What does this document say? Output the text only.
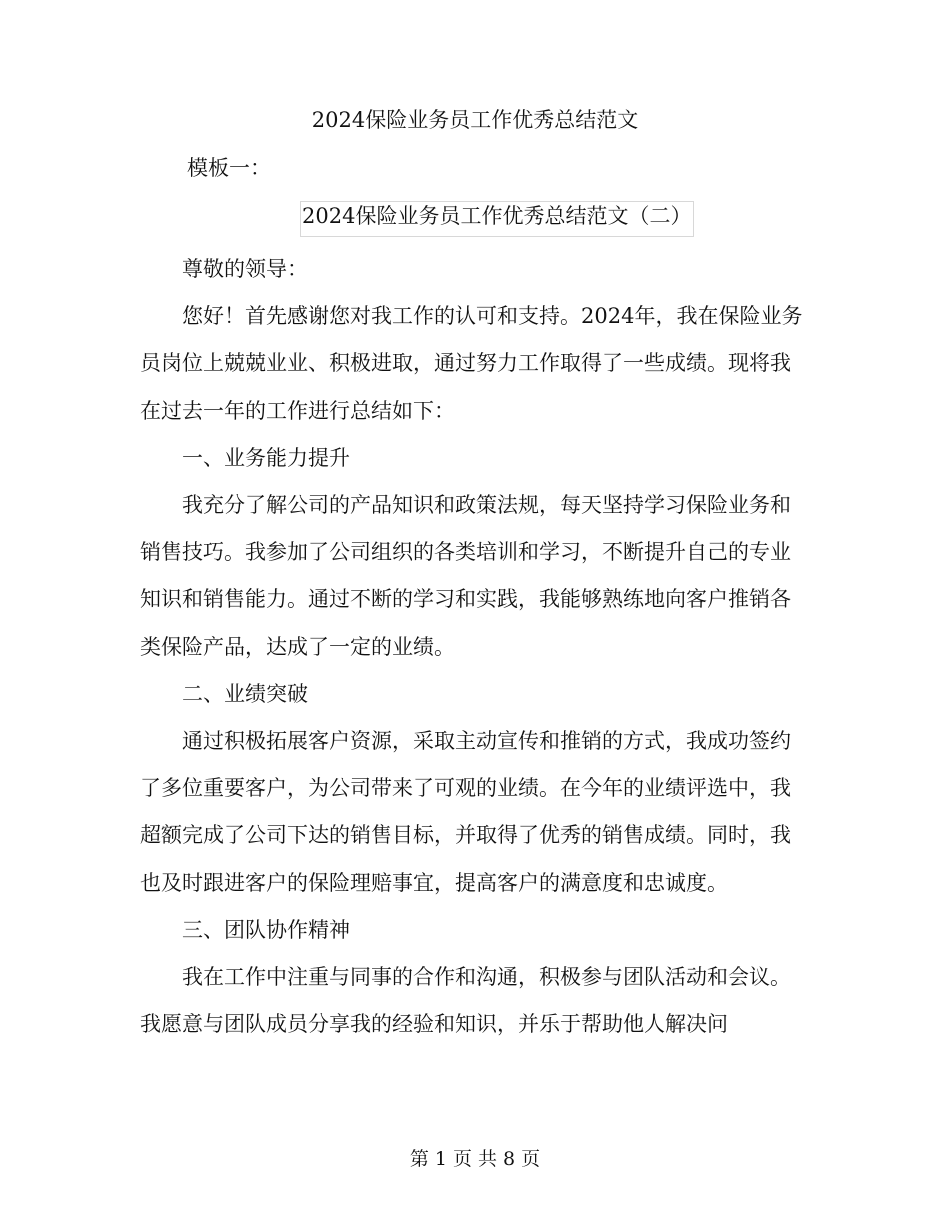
2024保险业务员工作优秀总结范文
模板一：
2024保险业务员工作优秀总结范文（二）

尊敬的领导：

您好！首先感谢您对我工作的认可和支持。2024年，我在保险业务员岗位上兢兢业业、积极进取，通过努力工作取得了一些成绩。现将我在过去一年的工作进行总结如下：

一、业务能力提升

我充分了解公司的产品知识和政策法规，每天坚持学习保险业务和销售技巧。我参加了公司组织的各类培训和学习，不断提升自己的专业知识和销售能力。通过不断的学习和实践，我能够熟练地向客户推销各类保险产品，达成了一定的业绩。

二、业绩突破

通过积极拓展客户资源，采取主动宣传和推销的方式，我成功签约了多位重要客户，为公司带来了可观的业绩。在今年的业绩评选中，我超额完成了公司下达的销售目标，并取得了优秀的销售成绩。同时，我也及时跟进客户的保险理赔事宜，提高客户的满意度和忠诚度。

三、团队协作精神

我在工作中注重与同事的合作和沟通，积极参与团队活动和会议。我愿意与团队成员分享我的经验和知识，并乐于帮助他人解决问

第 1 页 共 8 页
